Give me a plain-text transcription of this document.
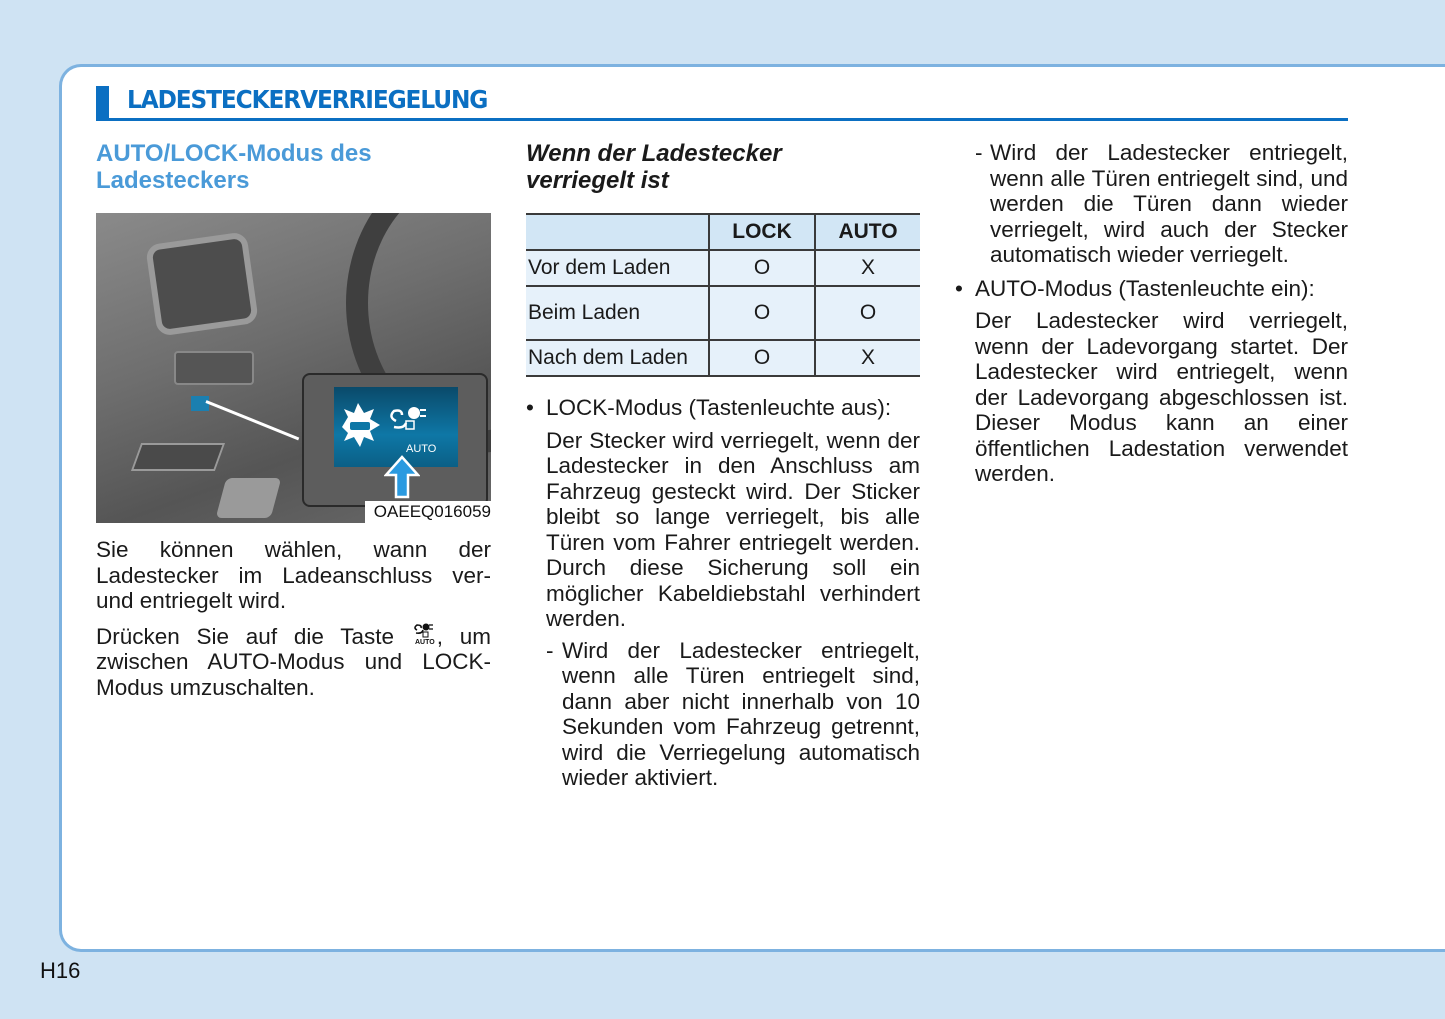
LADESTECKERVERRIEGELUNG
AUTO/LOCK-Modus des
Ladesteckers
AUTO
OAEEQ016059

Sie können wählen, wann der Ladestecker im Ladeanschluss ver- und entriegelt wird.

Drücken Sie auf die Taste	AUTO , um zwischen AUTO-Modus und LOCK-Modus umzuschalten.

Wenn der Ladestecker
verriegelt ist
	LOCK	AUTO
Vor dem Laden	O	X
Beim Laden	O	O
Nach dem Laden	O	X
• LOCK-Modus (Tastenleuchte aus):

Der Stecker wird verriegelt, wenn der Ladestecker in den Anschluss am Fahrzeug gesteckt wird. Der Sticker bleibt so lange verriegelt, bis alle Türen vom Fahrer entriegelt werden. Durch diese Sicherung soll ein möglicher Kabeldiebstahl verhindert werden.

- Wird der Ladestecker entriegelt, wenn alle Türen entriegelt sind, dann aber nicht innerhalb von 10 Sekunden vom Fahrzeug getrennt, wird die Verriegelung automatisch wieder aktiviert.
- Wird der Ladestecker entriegelt, wenn alle Türen entriegelt sind, und werden die Türen dann wieder verriegelt, wird auch der Stecker automatisch wieder verriegelt.
• AUTO-Modus (Tastenleuchte ein):

Der Ladestecker wird verriegelt, wenn der Ladevorgang startet. Der Ladestecker wird entriegelt, wenn der Ladevorgang abgeschlossen ist. Dieser Modus kann an einer öffentlichen Ladestation verwendet werden.

H16
